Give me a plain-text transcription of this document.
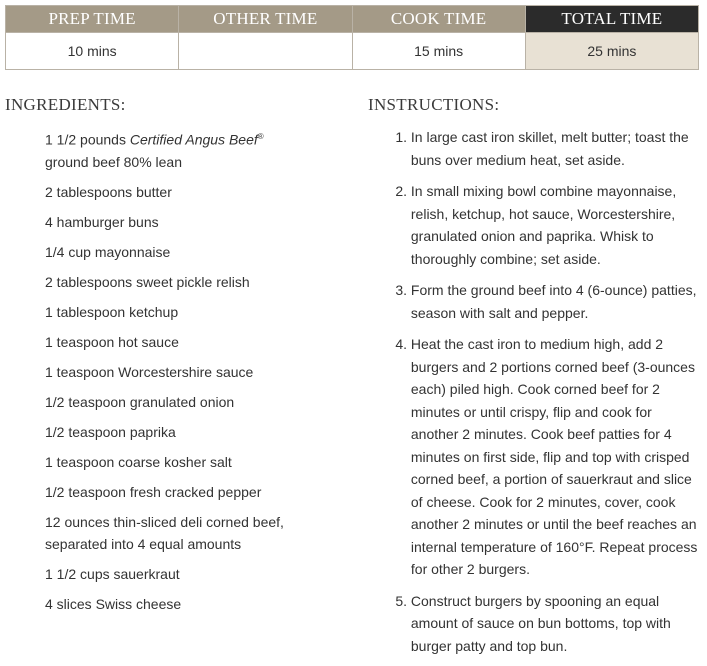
PREP TIME	OTHER TIME	COOK TIME	TOTAL TIME
10 mins		15 mins	25 mins
INGREDIENTS:
1 1/2 pounds Certified Angus Beef®
ground beef 80% lean
2 tablespoons butter
4 hamburger buns
1/4 cup mayonnaise
2 tablespoons sweet pickle relish
1 tablespoon ketchup
1 teaspoon hot sauce
1 teaspoon Worcestershire sauce
1/2 teaspoon granulated onion
1/2 teaspoon paprika
1 teaspoon coarse kosher salt
1/2 teaspoon fresh cracked pepper
12 ounces thin-sliced deli corned beef, separated into 4 equal amounts
1 1/2 cups sauerkraut
4 slices Swiss cheese
INSTRUCTIONS:
1.
In large cast iron skillet, melt butter; toast the buns over medium heat, set aside.
2.
In small mixing bowl combine mayonnaise, relish, ketchup, hot sauce, Worcestershire, granulated onion and paprika. Whisk to thoroughly combine; set aside.
3.
Form the ground beef into 4 (6-ounce) patties, season with salt and pepper.
4.
Heat the cast iron to medium high, add 2 burgers and 2 portions corned beef (3-ounces each) piled high. Cook corned beef for 2 minutes or until crispy, flip and cook for another 2 minutes. Cook beef patties for 4 minutes on first side, flip and top with crisped corned beef, a portion of sauerkraut and slice of cheese. Cook for 2 minutes, cover, cook another 2 minutes or until the beef reaches an internal temperature of 160°F. Repeat process for other 2 burgers.
5.
Construct burgers by spooning an equal amount of sauce on bun bottoms, top with burger patty and top bun.
